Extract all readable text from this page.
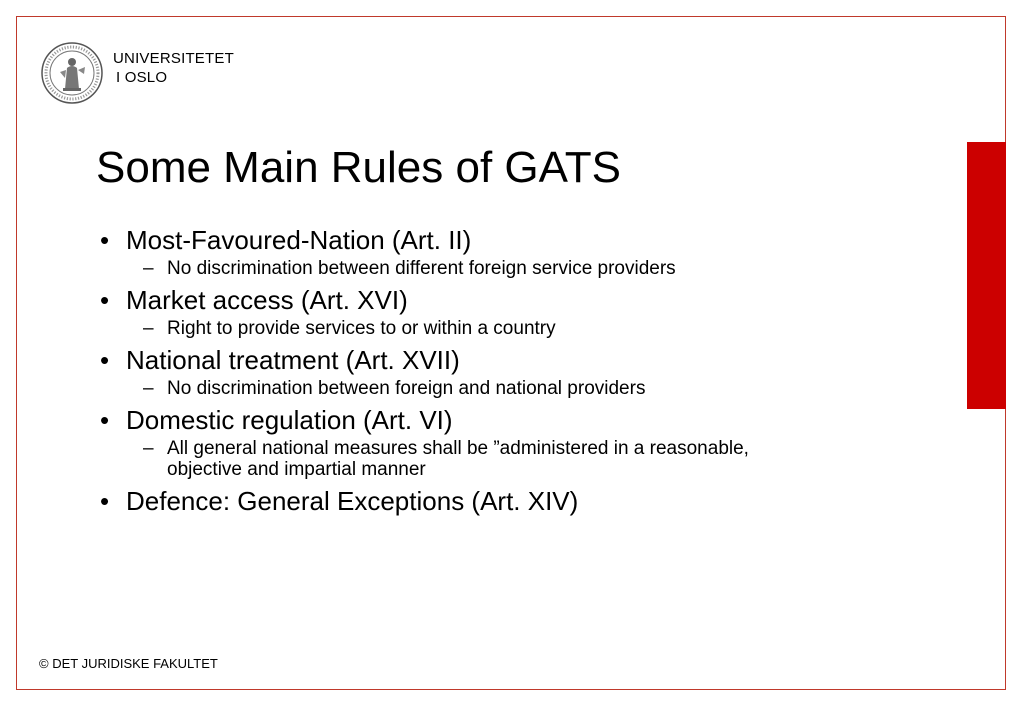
UNIVERSITETET
I OSLO
Some Main Rules of GATS
• Most-Favoured-Nation (Art. II)
– No discrimination between different foreign service providers
• Market access (Art. XVI)
– Right to provide services to or within a country
• National treatment (Art. XVII)
– No discrimination between foreign and national providers
• Domestic regulation (Art. VI)
– All general national measures shall be ”administered in a reasonable, objective and impartial manner
• Defence: General Exceptions (Art. XIV)
© DET JURIDISKE FAKULTET
